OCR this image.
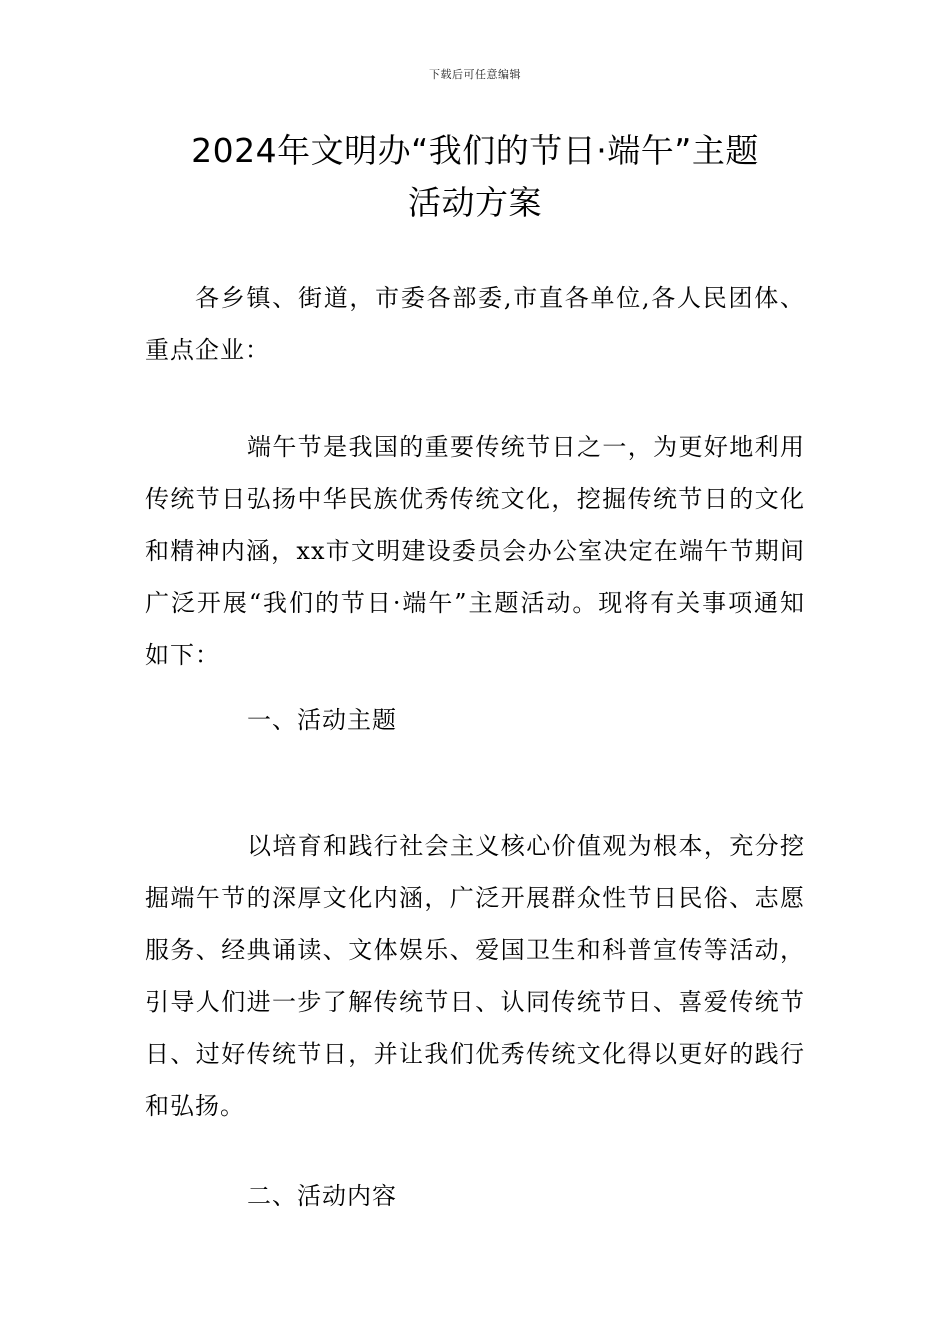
下载后可任意编辑
2024年文明办“我们的节日·端午”主题
活动方案

各乡镇、街道，市委各部委,市直各单位,各人民团体、重点企业：

端午节是我国的重要传统节日之一，为更好地利用传统节日弘扬中华民族优秀传统文化，挖掘传统节日的文化和精神内涵，xx市文明建设委员会办公室决定在端午节期间广泛开展“我们的节日·端午”主题活动。现将有关事项通知如下：

一、活动主题

以培育和践行社会主义核心价值观为根本，充分挖掘端午节的深厚文化内涵，广泛开展群众性节日民俗、志愿服务、经典诵读、文体娱乐、爱国卫生和科普宣传等活动，引导人们进一步了解传统节日、认同传统节日、喜爱传统节日、过好传统节日，并让我们优秀传统文化得以更好的践行和弘扬。

二、活动内容
